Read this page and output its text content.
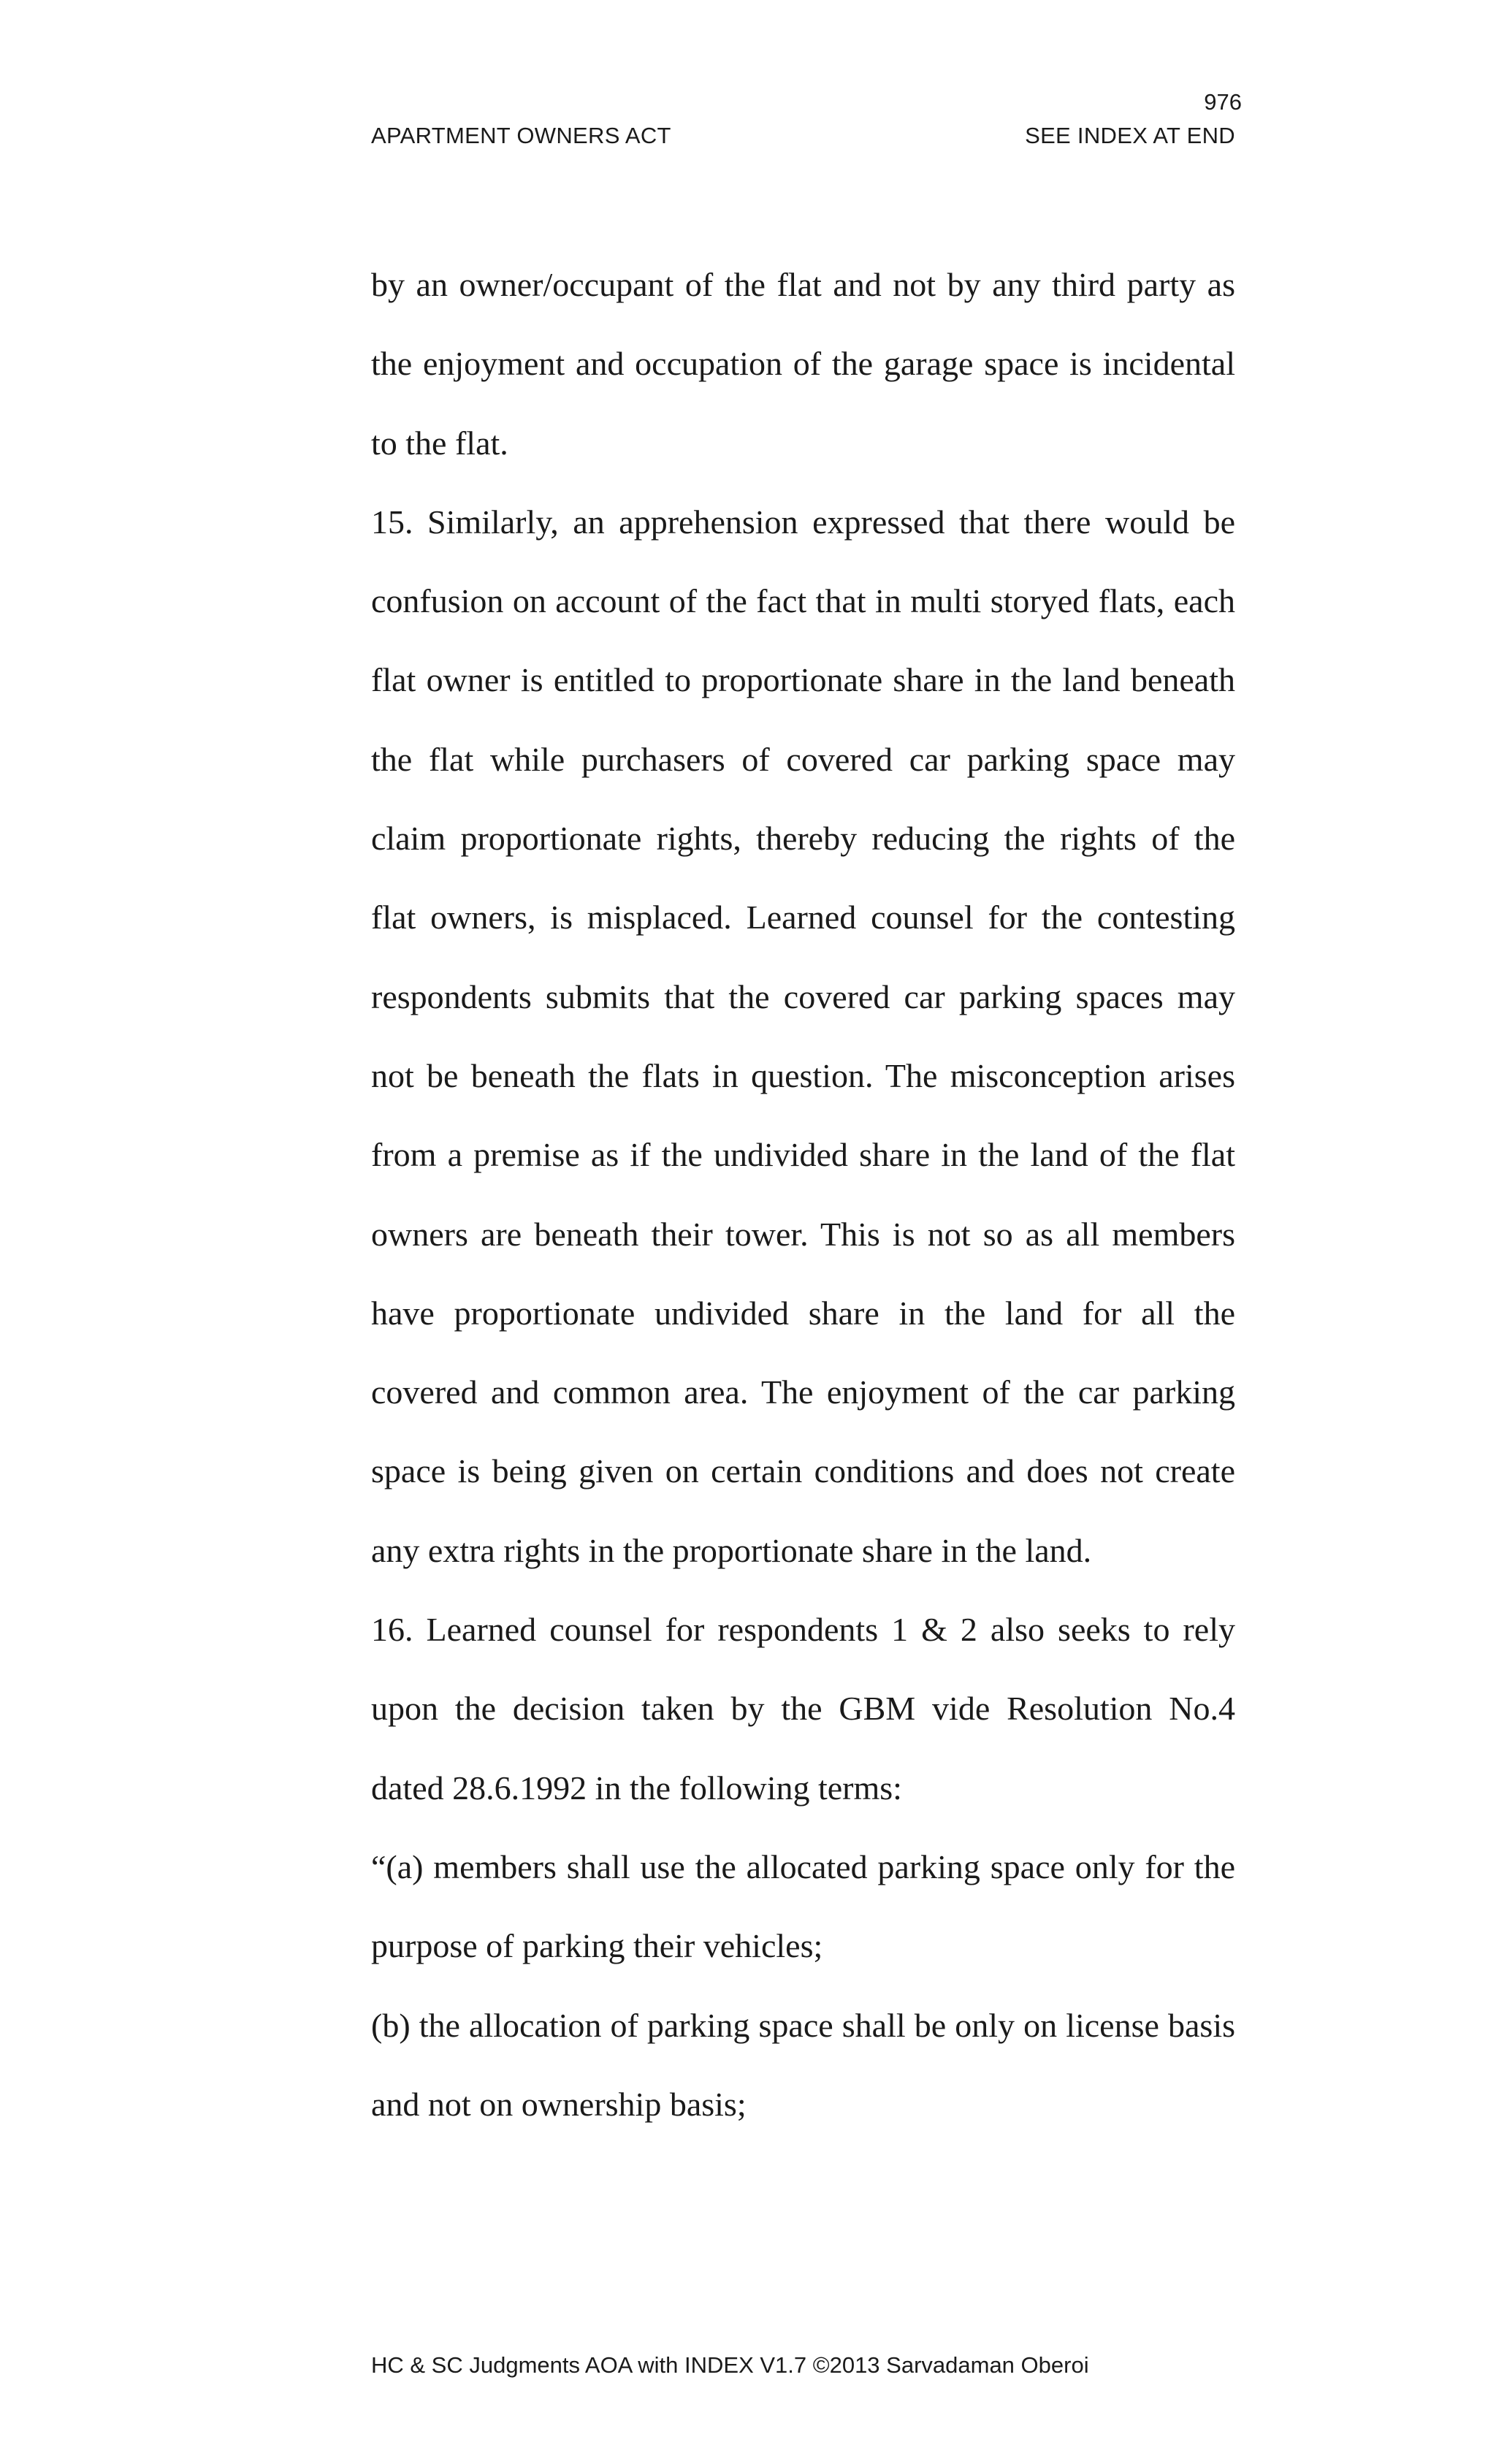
976
APARTMENT OWNERS ACT	SEE INDEX AT END

by an owner/occupant of the flat and not by any third party as the enjoyment and occupation of the garage space is incidental to the flat.

15. Similarly, an apprehension expressed that there would be confusion on account of the fact that in multi storyed flats, each flat owner is entitled to proportionate share in the land beneath the flat while purchasers of covered car parking space may claim proportionate rights, thereby reducing the rights of the flat owners, is misplaced. Learned counsel for the contesting respondents submits that the covered car parking spaces may not be beneath the flats in question. The misconception arises from a premise as if the undivided share in the land of the flat owners are beneath their tower. This is not so as all members have proportionate undivided share in the land for all the covered and common area. The enjoyment of the car parking space is being given on certain conditions and does not create any extra rights in the proportionate share in the land.

16. Learned counsel for respondents 1 & 2 also seeks to rely upon the decision taken by the GBM vide Resolution No.4 dated 28.6.1992 in the following terms:

“(a) members shall use the allocated parking space only for the purpose of parking their vehicles;

(b) the allocation of parking space shall be only on license basis and not on ownership basis;

HC & SC Judgments AOA with INDEX V1.7 ©2013 Sarvadaman Oberoi
